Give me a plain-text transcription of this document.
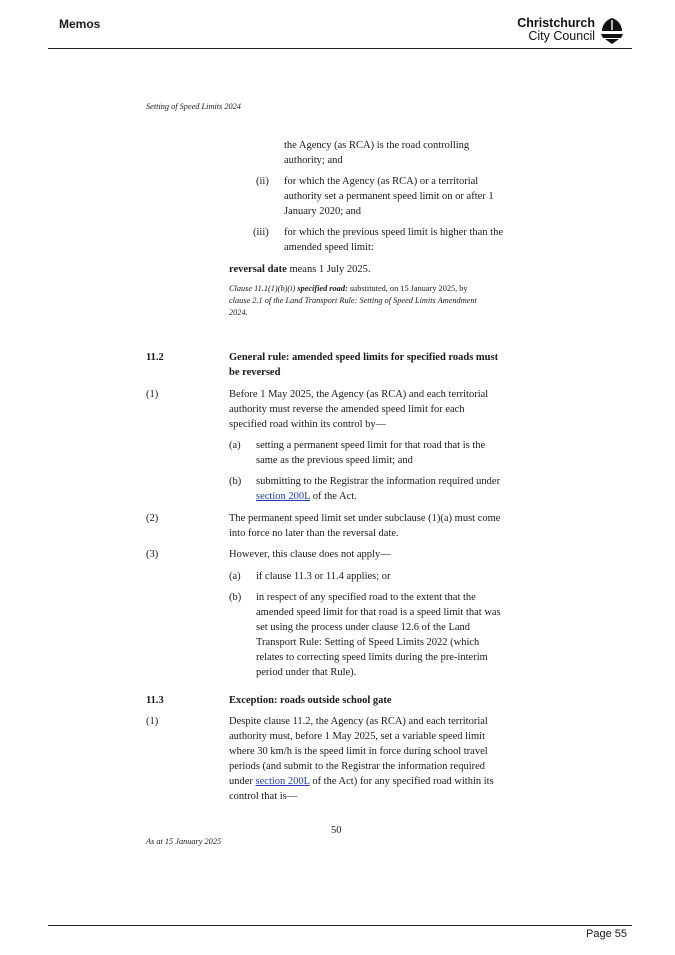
Memos	Christchurch
City Council
Setting of Speed Limits 2024
the Agency (as RCA) is the road controlling
authority; and
(ii) for which the Agency (as RCA) or a territorial
authority set a permanent speed limit on or after 1
January 2020; and
(iii) for which the previous speed limit is higher than the
amended speed limit:
reversal date means 1 July 2025.
Clause 11.1(1)(b)(i) specified road: substituted, on 15 January 2025, by
clause 2.1 of the Land Transport Rule: Setting of Speed Limits Amendment
2024.
11.2	General rule: amended speed limits for specified roads must
be reversed
(1)	Before 1 May 2025, the Agency (as RCA) and each territorial
authority must reverse the amended speed limit for each
specified road within its control by—
(a) setting a permanent speed limit for that road that is the
same as the previous speed limit; and
(b) submitting to the Registrar the information required under
section 200L of the Act.
(2)	The permanent speed limit set under subclause (1)(a) must come
into force no later than the reversal date.
(3)	However, this clause does not apply—
(a) if clause 11.3 or 11.4 applies; or
(b) in respect of any specified road to the extent that the
amended speed limit for that road is a speed limit that was
set using the process under clause 12.6 of the Land
Transport Rule: Setting of Speed Limits 2022 (which
relates to correcting speed limits during the pre-interim
period under that Rule).
11.3	Exception: roads outside school gate
(1)	Despite clause 11.2, the Agency (as RCA) and each territorial
authority must, before 1 May 2025, set a variable speed limit
where 30 km/h is the speed limit in force during school travel
periods (and submit to the Registrar the information required
under section 200L of the Act) for any specified road within its
control that is—
50
As at 15 January 2025
Page 55
